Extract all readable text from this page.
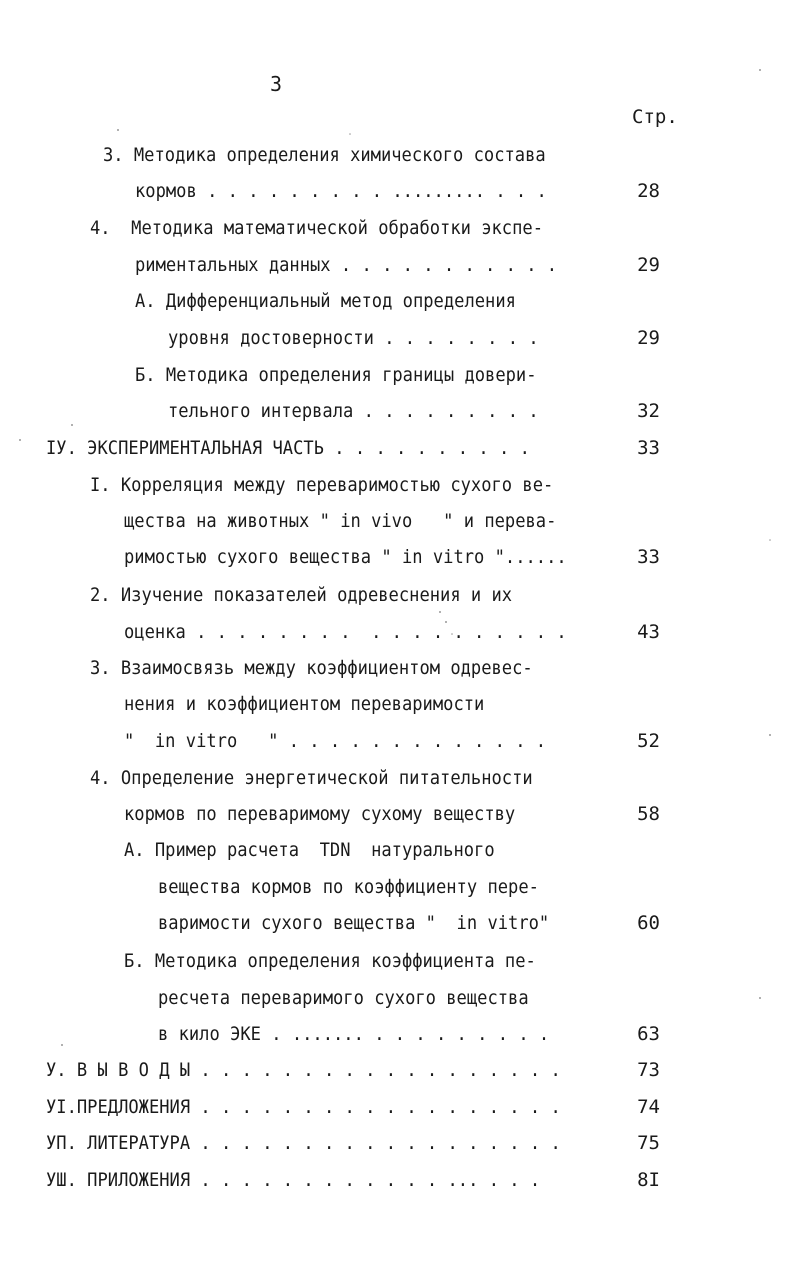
3
Стр.
3. Методика определения химического состава
кормов . . . . . . . . . ......... . . .	28
4.  Методика математической обработки экспе-
риментальных данных . . . . . . . . . . .	29
А. Дифференциальный метод определения
уровня достоверности . . . . . . . .	29
Б. Методика определения границы довери-
тельного интервала . . . . . . . . .	32
IУ. ЭКСПЕРИМЕНТАЛЬНАЯ ЧАСТЬ . . . . . . . . . .	33
I. Корреляция между переваримостью сухого ве-
щества на животных " in vivo   " и перева-
римостью сухого вещества " in vitro "......	33
2. Изучение показателей одревеснения и их
оценка . . . . . . . .  . . . . . . . . . .	43
3. Взаимосвязь между коэффициентом одревес-
нения и коэффициентом переваримости
"  in vitro   " . . . . . . . . . . . . .	52
4. Определение энергетической питательности
кормов по переваримому сухому веществу	58
А. Пример расчета  TDN  натурального
вещества кормов по коэффициенту пере-
варимости сухого вещества "  in vitro"	60
Б. Методика определения коэффициента пе-
ресчета переваримого сухого вещества
в кило ЭКЕ . ....... . . . . . . . . .	63
У. В Ы В О Д Ы . . . . . . . . . . . . . . . . . .	73
УI.ПРЕДЛОЖЕНИЯ . . . . . . . . . . . . . . . . . .	74
УП. ЛИТЕРАТУРА . . . . . . . . . . . . . . . . . .	75
УШ. ПРИЛОЖЕНИЯ . . . . . . . . . . . . ... . . .	8I
